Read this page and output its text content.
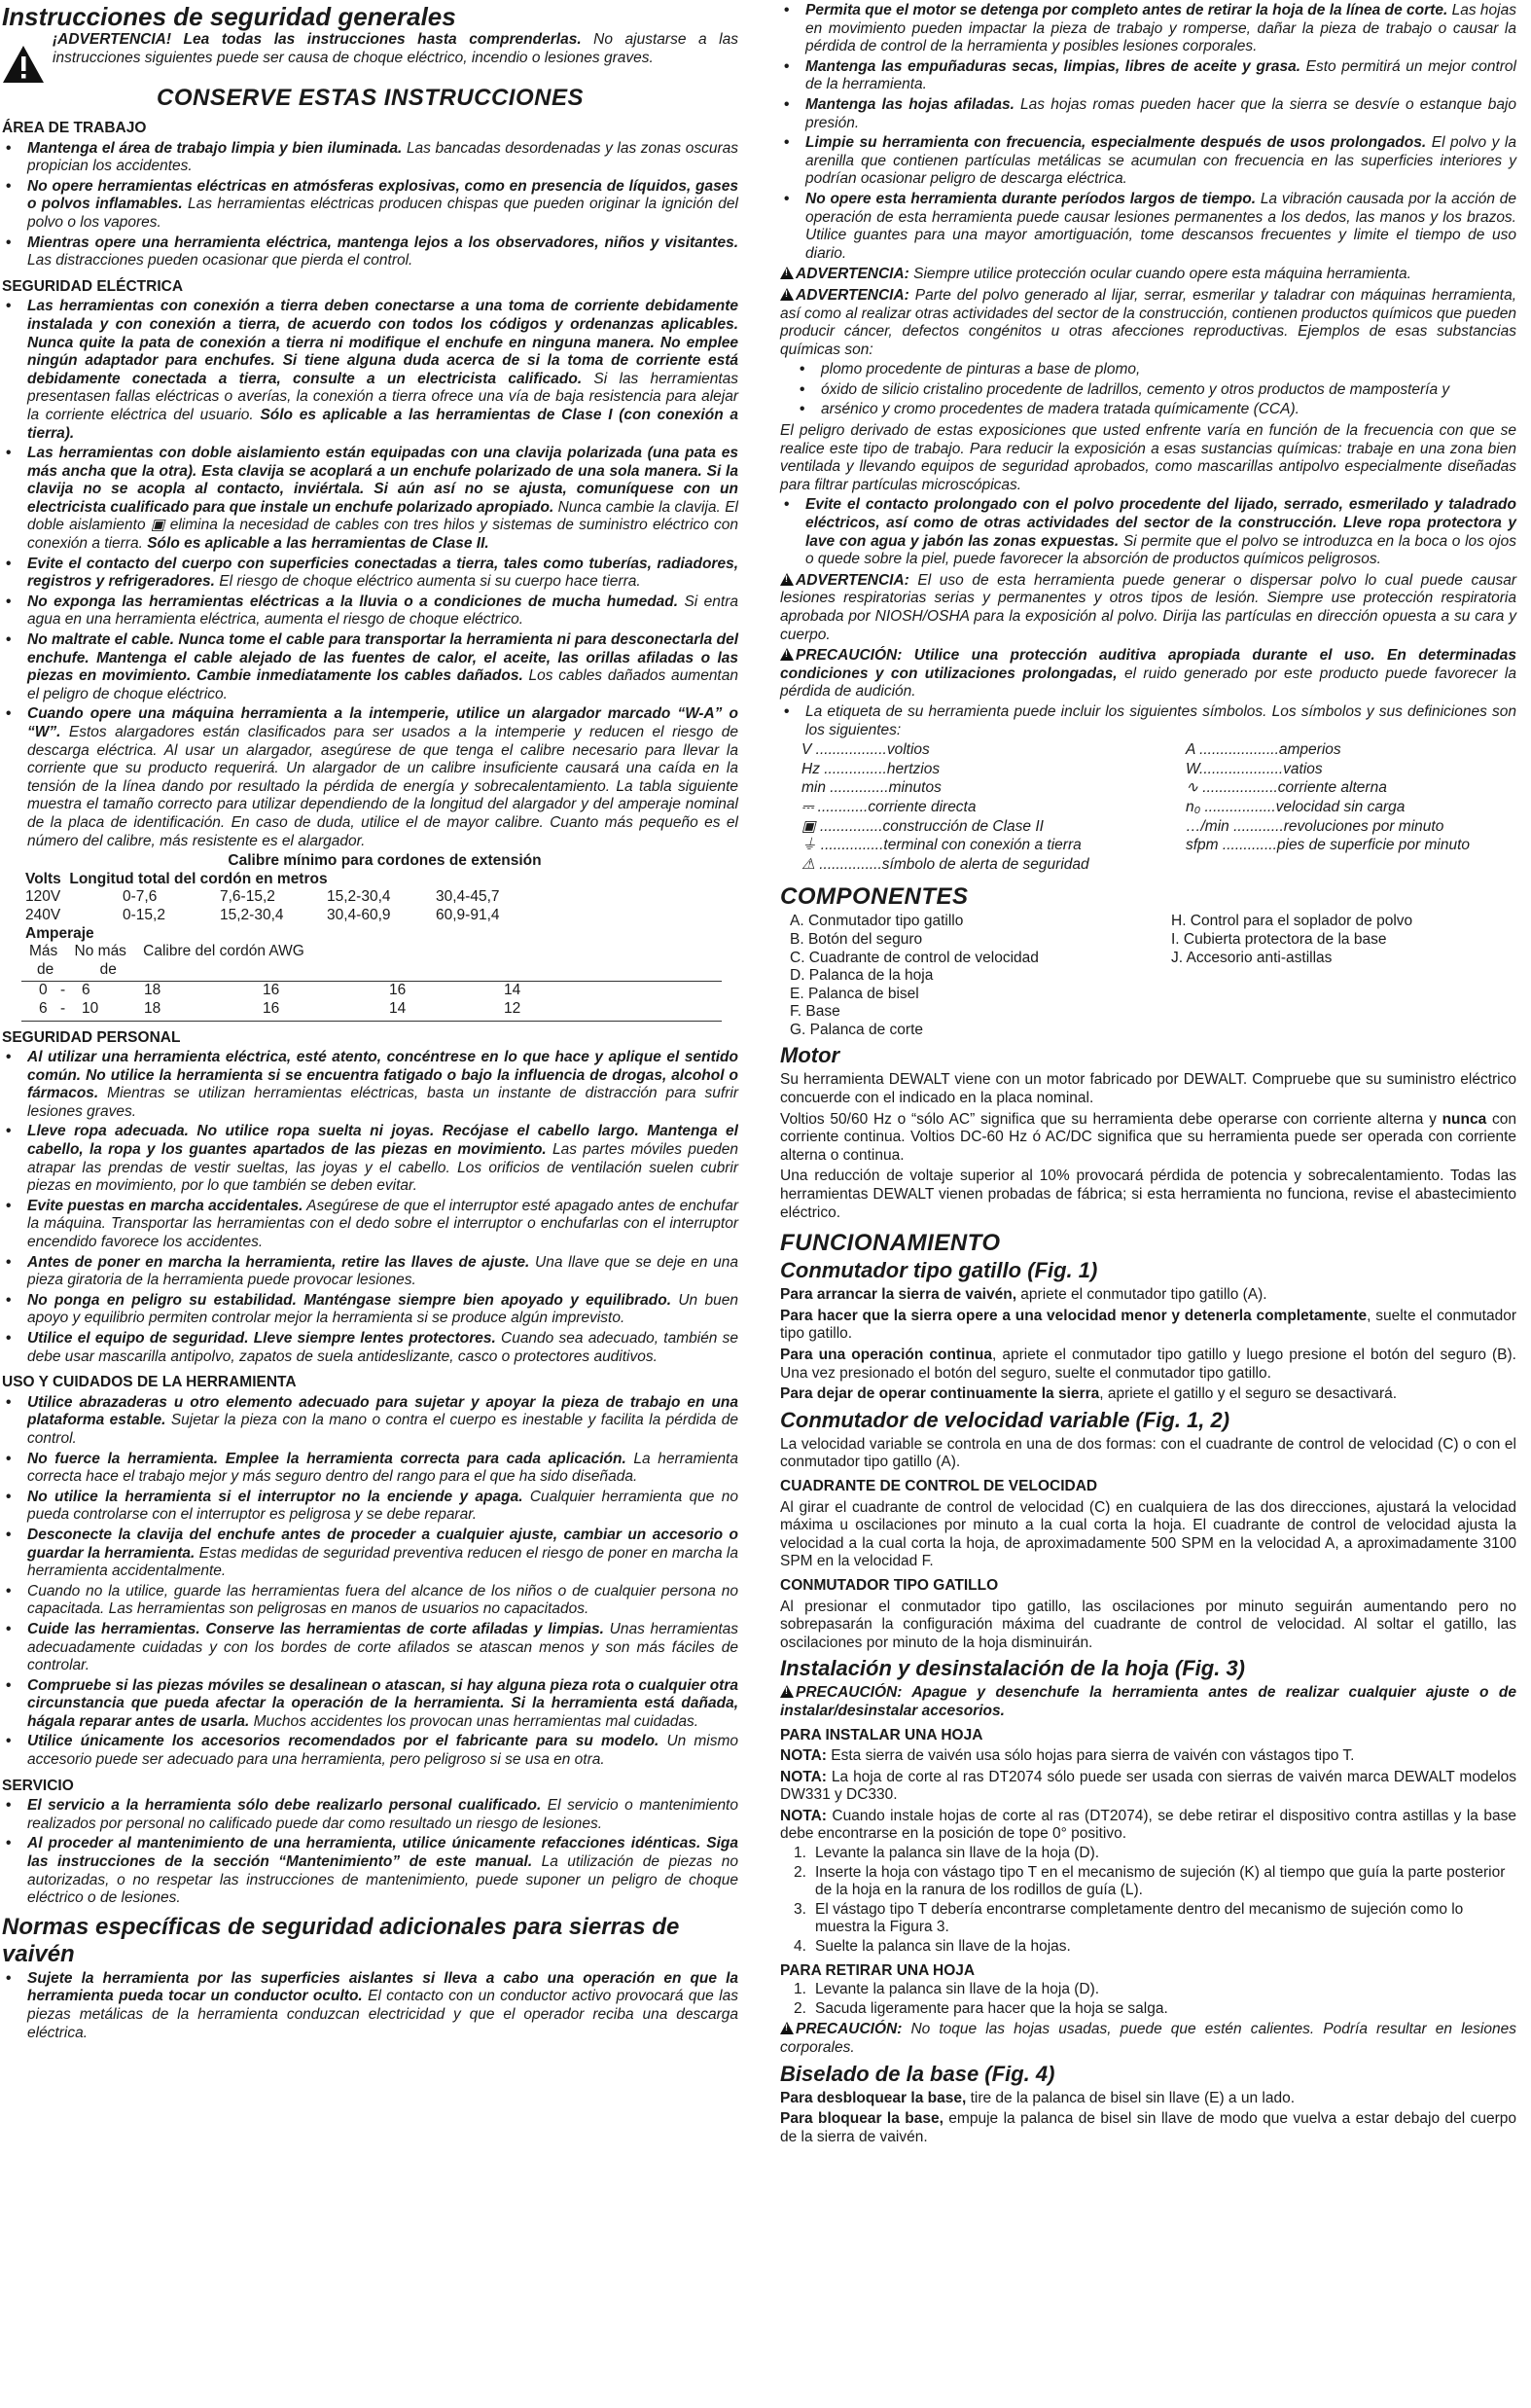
Instrucciones de seguridad generales

¡ADVERTENCIA! Lea todas las instrucciones hasta comprenderlas. No ajustarse a las instrucciones siguientes puede ser causa de choque eléctrico, incendio o lesiones graves.

CONSERVE ESTAS INSTRUCCIONES
ÁREA DE TRABAJO
• Mantenga el área de trabajo limpia y bien iluminada. Las bancadas desordenadas y las zonas oscuras propician los accidentes.
• No opere herramientas eléctricas en atmósferas explosivas, como en presencia de líquidos, gases o polvos inflamables. Las herramientas eléctricas producen chispas que pueden originar la ignición del polvo o los vapores.
• Mientras opere una herramienta eléctrica, mantenga lejos a los observadores, niños y visitantes. Las distracciones pueden ocasionar que pierda el control.
SEGURIDAD ELÉCTRICA
• Las herramientas con conexión a tierra deben conectarse a una toma de corriente debidamente instalada y con conexión a tierra, de acuerdo con todos los códigos y ordenanzas aplicables. Nunca quite la pata de conexión a tierra ni modifique el enchufe en ninguna manera. No emplee ningún adaptador para enchufes. Si tiene alguna duda acerca de si la toma de corriente está debidamente conectada a tierra, consulte a un electricista calificado. Si las herramientas presentasen fallas eléctricas o averías, la conexión a tierra ofrece una vía de baja resistencia para alejar la corriente eléctrica del usuario. Sólo es aplicable a las herramientas de Clase I (con conexión a tierra).
• Las herramientas con doble aislamiento están equipadas con una clavija polarizada (una pata es más ancha que la otra). Esta clavija se acoplará a un enchufe polarizado de una sola manera. Si la clavija no se acopla al contacto, inviértala. Si aún así no se ajusta, comuníquese con un electricista cualificado para que instale un enchufe polarizado apropiado. Nunca cambie la clavija. El doble aislamiento ▣ elimina la necesidad de cables con tres hilos y sistemas de suministro eléctrico con conexión a tierra. Sólo es aplicable a las herramientas de Clase II.
• Evite el contacto del cuerpo con superficies conectadas a tierra, tales como tuberías, radiadores, registros y refrigeradores. El riesgo de choque eléctrico aumenta si su cuerpo hace tierra.
• No exponga las herramientas eléctricas a la lluvia o a condiciones de mucha humedad. Si entra agua en una herramienta eléctrica, aumenta el riesgo de choque eléctrico.
• No maltrate el cable. Nunca tome el cable para transportar la herramienta ni para desconectarla del enchufe. Mantenga el cable alejado de las fuentes de calor, el aceite, las orillas afiladas o las piezas en movimiento. Cambie inmediatamente los cables dañados. Los cables dañados aumentan el peligro de choque eléctrico.
• Cuando opere una máquina herramienta a la intemperie, utilice un alargador marcado “W-A” o “W”. Estos alargadores están clasificados para ser usados a la intemperie y reducen el riesgo de descarga eléctrica. Al usar un alargador, asegúrese de que tenga el calibre necesario para llevar la corriente que su producto requerirá. Un alargador de un calibre insuficiente causará una caída en la tensión de la línea dando por resultado la pérdida de energía y sobrecalentamiento. La tabla siguiente muestra el tamaño correcto para utilizar dependiendo de la longitud del alargador y del amperaje nominal de la placa de identificación. En caso de duda, utilice el de mayor calibre. Cuanto más pequeño es el número del calibre, más resistente es el alargador.
Calibre mínimo para cordones de extensión
Volts Longitud total del cordón en metros
120V	0-7,6	7,6-15,2	15,2-30,4	30,4-45,7
240V	0-15,2	15,2-30,4	30,4-60,9	60,9-91,4
Amperaje
Más No más Calibre del cordón AWG
de	de
0	-	6	18	16	16	14
6	-	10	18	16	14	12
SEGURIDAD PERSONAL
• Al utilizar una herramienta eléctrica, esté atento, concéntrese en lo que hace y aplique el sentido común. No utilice la herramienta si se encuentra fatigado o bajo la influencia de drogas, alcohol o fármacos. Mientras se utilizan herramientas eléctricas, basta un instante de distracción para sufrir lesiones graves.
• Lleve ropa adecuada. No utilice ropa suelta ni joyas. Recójase el cabello largo. Mantenga el cabello, la ropa y los guantes apartados de las piezas en movimiento. Las partes móviles pueden atrapar las prendas de vestir sueltas, las joyas y el cabello. Los orificios de ventilación suelen cubrir piezas en movimiento, por lo que también se deben evitar.
• Evite puestas en marcha accidentales. Asegúrese de que el interruptor esté apagado antes de enchufar la máquina. Transportar las herramientas con el dedo sobre el interruptor o enchufarlas con el interruptor encendido favorece los accidentes.
• Antes de poner en marcha la herramienta, retire las llaves de ajuste. Una llave que se deje en una pieza giratoria de la herramienta puede provocar lesiones.
• No ponga en peligro su estabilidad. Manténgase siempre bien apoyado y equilibrado. Un buen apoyo y equilibrio permiten controlar mejor la herramienta si se produce algún imprevisto.
• Utilice el equipo de seguridad. Lleve siempre lentes protectores. Cuando sea adecuado, también se debe usar mascarilla antipolvo, zapatos de suela antideslizante, casco o protectores auditivos.
USO Y CUIDADOS DE LA HERRAMIENTA
• Utilice abrazaderas u otro elemento adecuado para sujetar y apoyar la pieza de trabajo en una plataforma estable. Sujetar la pieza con la mano o contra el cuerpo es inestable y facilita la pérdida de control.
• No fuerce la herramienta. Emplee la herramienta correcta para cada aplicación. La herramienta correcta hace el trabajo mejor y más seguro dentro del rango para el que ha sido diseñada.
• No utilice la herramienta si el interruptor no la enciende y apaga. Cualquier herramienta que no pueda controlarse con el interruptor es peligrosa y se debe reparar.
• Desconecte la clavija del enchufe antes de proceder a cualquier ajuste, cambiar un accesorio o guardar la herramienta. Estas medidas de seguridad preventiva reducen el riesgo de poner en marcha la herramienta accidentalmente.
• Cuando no la utilice, guarde las herramientas fuera del alcance de los niños o de cualquier persona no capacitada. Las herramientas son peligrosas en manos de usuarios no capacitados.
• Cuide las herramientas. Conserve las herramientas de corte afiladas y limpias. Unas herramientas adecuadamente cuidadas y con los bordes de corte afilados se atascan menos y son más fáciles de controlar.
• Compruebe si las piezas móviles se desalinean o atascan, si hay alguna pieza rota o cualquier otra circunstancia que pueda afectar la operación de la herramienta. Si la herramienta está dañada, hágala reparar antes de usarla. Muchos accidentes los provocan unas herramientas mal cuidadas.
• Utilice únicamente los accesorios recomendados por el fabricante para su modelo. Un mismo accesorio puede ser adecuado para una herramienta, pero peligroso si se usa en otra.
SERVICIO
• El servicio a la herramienta sólo debe realizarlo personal cualificado. El servicio o mantenimiento realizados por personal no calificado puede dar como resultado un riesgo de lesiones.
• Al proceder al mantenimiento de una herramienta, utilice únicamente refacciones idénticas. Siga las instrucciones de la sección “Mantenimiento” de este manual. La utilización de piezas no autorizadas, o no respetar las instrucciones de mantenimiento, puede suponer un peligro de choque eléctrico o de lesiones.
Normas específicas de seguridad adicionales para sierras de vaivén
• Sujete la herramienta por las superficies aislantes si lleva a cabo una operación en que la herramienta pueda tocar un conductor oculto. El contacto con un conductor activo provocará que las piezas metálicas de la herramienta conduzcan electricidad y que el operador reciba una descarga eléctrica.
• Permita que el motor se detenga por completo antes de retirar la hoja de la línea de corte. Las hojas en movimiento pueden impactar la pieza de trabajo y romperse, dañar la pieza de trabajo o causar la pérdida de control de la herramienta y posibles lesiones corporales.
• Mantenga las empuñaduras secas, limpias, libres de aceite y grasa. Esto permitirá un mejor control de la herramienta.
• Mantenga las hojas afiladas. Las hojas romas pueden hacer que la sierra se desvíe o estanque bajo presión.
• Limpie su herramienta con frecuencia, especialmente después de usos prolongados. El polvo y la arenilla que contienen partículas metálicas se acumulan con frecuencia en las superficies interiores y podrían ocasionar peligro de descarga eléctrica.
• No opere esta herramienta durante períodos largos de tiempo. La vibración causada por la acción de operación de esta herramienta puede causar lesiones permanentes a los dedos, las manos y los brazos. Utilice guantes para una mayor amortiguación, tome descansos frecuentes y limite el tiempo de uso diario.

!ADVERTENCIA: Siempre utilice protección ocular cuando opere esta máquina herramienta.

!ADVERTENCIA: Parte del polvo generado al lijar, serrar, esmerilar y taladrar con máquinas herramienta, así como al realizar otras actividades del sector de la construcción, contienen productos químicos que pueden producir cáncer, defectos congénitos u otras afecciones reproductivas. Ejemplos de esas substancias químicas son:

• plomo procedente de pinturas a base de plomo,
• óxido de silicio cristalino procedente de ladrillos, cemento y otros productos de mampostería y
• arsénico y cromo procedentes de madera tratada químicamente (CCA).

El peligro derivado de estas exposiciones que usted enfrente varía en función de la frecuencia con que se realice este tipo de trabajo. Para reducir la exposición a esas sustancias químicas: trabaje en una zona bien ventilada y llevando equipos de seguridad aprobados, como mascarillas antipolvo especialmente diseñadas para filtrar partículas microscópicas.

• Evite el contacto prolongado con el polvo procedente del lijado, serrado, esmerilado y taladrado eléctricos, así como de otras actividades del sector de la construcción. Lleve ropa protectora y lave con agua y jabón las zonas expuestas. Si permite que el polvo se introduzca en la boca o los ojos o quede sobre la piel, puede favorecer la absorción de productos químicos peligrosos.

!ADVERTENCIA: El uso de esta herramienta puede generar o dispersar polvo lo cual puede causar lesiones respiratorias serias y permanentes y otros tipos de lesión. Siempre use protección respiratoria aprobada por NIOSH/OSHA para la exposición al polvo. Dirija las partículas en dirección opuesta a su cara y cuerpo.

!PRECAUCIÓN: Utilice una protección auditiva apropiada durante el uso. En determinadas condiciones y con utilizaciones prolongadas, el ruido generado por este producto puede favorecer la pérdida de audición.

• La etiqueta de su herramienta puede incluir los siguientes símbolos. Los símbolos y sus definiciones son los siguientes:
V .................voltios	A ...................amperios
Hz ...............hertzios	W....................vatios
min ..............minutos	∿ ..................corriente alterna
⎓ ............corriente directa	n₀ .................velocidad sin carga
▣ ...............construcción de Clase II	…/min ............revoluciones por minuto
⏚ ...............terminal con conexión a tierra	sfpm .............pies de superficie por minuto
⚠ ...............símbolo de alerta de seguridad
COMPONENTES
A. Conmutador tipo gatillo
B. Botón del seguro
C. Cuadrante de control de velocidad
D. Palanca de la hoja
E. Palanca de bisel
F. Base
G. Palanca de corte
H. Control para el soplador de polvo
I. Cubierta protectora de la base
J. Accesorio anti-astillas
Motor

Su herramienta DEWALT viene con un motor fabricado por DEWALT. Compruebe que su suministro eléctrico concuerde con el indicado en la placa nominal.

Voltios 50/60 Hz o “sólo AC” significa que su herramienta debe operarse con corriente alterna y nunca con corriente continua. Voltios DC-60 Hz ó AC/DC significa que su herramienta puede ser operada con corriente alterna o continua.

Una reducción de voltaje superior al 10% provocará pérdida de potencia y sobrecalentamiento. Todas las herramientas DEWALT vienen probadas de fábrica; si esta herramienta no funciona, revise el abastecimiento eléctrico.

FUNCIONAMIENTO
Conmutador tipo gatillo (Fig. 1)

Para arrancar la sierra de vaivén, apriete el conmutador tipo gatillo (A).

Para hacer que la sierra opere a una velocidad menor y detenerla completamente, suelte el conmutador tipo gatillo.

Para una operación continua, apriete el conmutador tipo gatillo y luego presione el botón del seguro (B). Una vez presionado el botón del seguro, suelte el conmutador tipo gatillo.

Para dejar de operar continuamente la sierra, apriete el gatillo y el seguro se desactivará.

Conmutador de velocidad variable (Fig. 1, 2)

La velocidad variable se controla en una de dos formas: con el cuadrante de control de velocidad (C) o con el conmutador tipo gatillo (A).

CUADRANTE DE CONTROL DE VELOCIDAD

Al girar el cuadrante de control de velocidad (C) en cualquiera de las dos direcciones, ajustará la velocidad máxima u oscilaciones por minuto a la cual corta la hoja. El cuadrante de control de velocidad ajusta la velocidad a la cual corta la hoja, de aproximadamente 500 SPM en la velocidad A, a aproximadamente 3100 SPM en la velocidad F.

CONMUTADOR TIPO GATILLO

Al presionar el conmutador tipo gatillo, las oscilaciones por minuto seguirán aumentando pero no sobrepasarán la configuración máxima del cuadrante de control de velocidad. Al soltar el gatillo, las oscilaciones por minuto de la hoja disminuirán.

Instalación y desinstalación de la hoja (Fig. 3)

!PRECAUCIÓN: Apague y desenchufe la herramienta antes de realizar cualquier ajuste o de instalar/desinstalar accesorios.

PARA INSTALAR UNA HOJA

NOTA: Esta sierra de vaivén usa sólo hojas para sierra de vaivén con vástagos tipo T.

NOTA: La hoja de corte al ras DT2074 sólo puede ser usada con sierras de vaivén marca DEWALT modelos DW331 y DC330.

NOTA: Cuando instale hojas de corte al ras (DT2074), se debe retirar el dispositivo contra astillas y la base debe encontrarse en la posición de tope 0° positivo.

1. Levante la palanca sin llave de la hoja (D).
2. Inserte la hoja con vástago tipo T en el mecanismo de sujeción (K) al tiempo que guía la parte posterior de la hoja en la ranura de los rodillos de guía (L).
3. El vástago tipo T debería encontrarse completamente dentro del mecanismo de sujeción como lo muestra la Figura 3.
4. Suelte la palanca sin llave de la hojas.
PARA RETIRAR UNA HOJA
1. Levante la palanca sin llave de la hoja (D).
2. Sacuda ligeramente para hacer que la hoja se salga.

!PRECAUCIÓN: No toque las hojas usadas, puede que estén calientes. Podría resultar en lesiones corporales.

Biselado de la base (Fig. 4)

Para desbloquear la base, tire de la palanca de bisel sin llave (E) a un lado.

Para bloquear la base, empuje la palanca de bisel sin llave de modo que vuelva a estar debajo del cuerpo de la sierra de vaivén.
